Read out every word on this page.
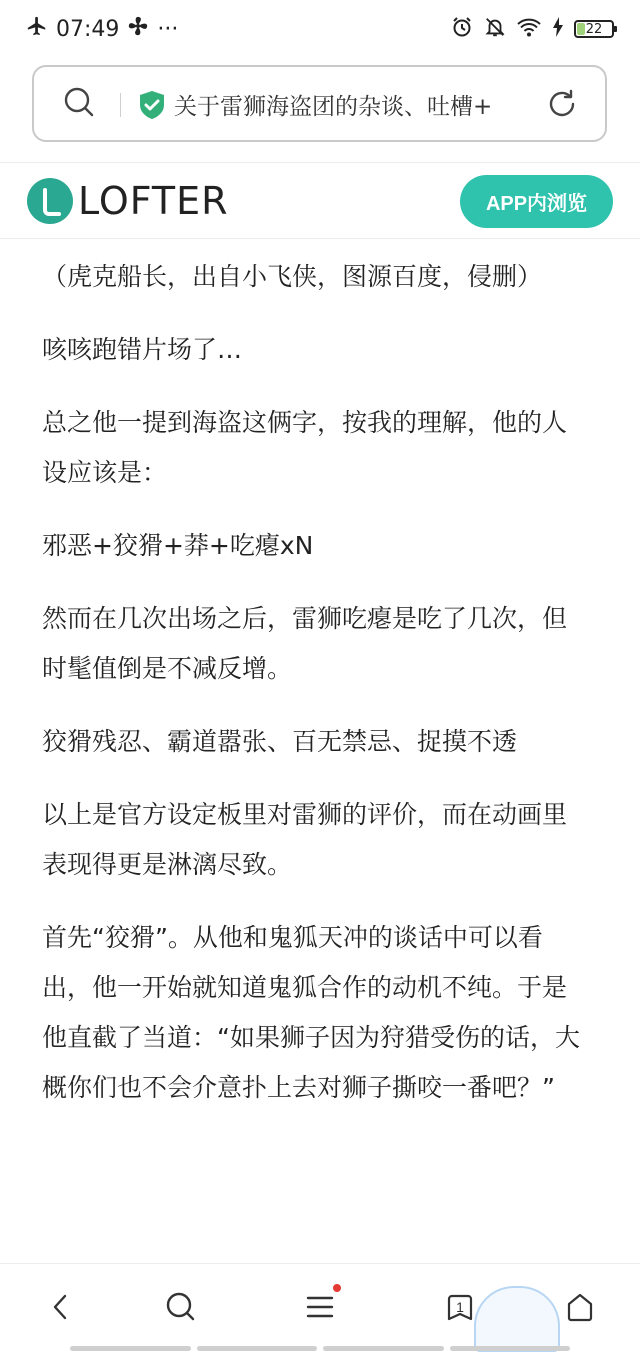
07:49 ···	22
关于雷狮海盗团的杂谈、吐槽+
LOFTER	APP内浏览

（虎克船长，出自小飞侠，图源百度，侵删）

咳咳跑错片场了…

总之他一提到海盗这俩字，按我的理解，他的人设应该是：

邪恶+狡猾+莽+吃瘪xN

然而在几次出场之后，雷狮吃瘪是吃了几次，但时髦值倒是不减反增。

狡猾残忍、霸道嚣张、百无禁忌、捉摸不透

以上是官方设定板里对雷狮的评价，而在动画里表现得更是淋漓尽致。

首先“狡猾”。从他和鬼狐天冲的谈话中可以看出，他一开始就知道鬼狐合作的动机不纯。于是他直截了当道：“如果狮子因为狩猎受伤的话，大概你们也不会介意扑上去对狮子撕咬一番吧？”

1
